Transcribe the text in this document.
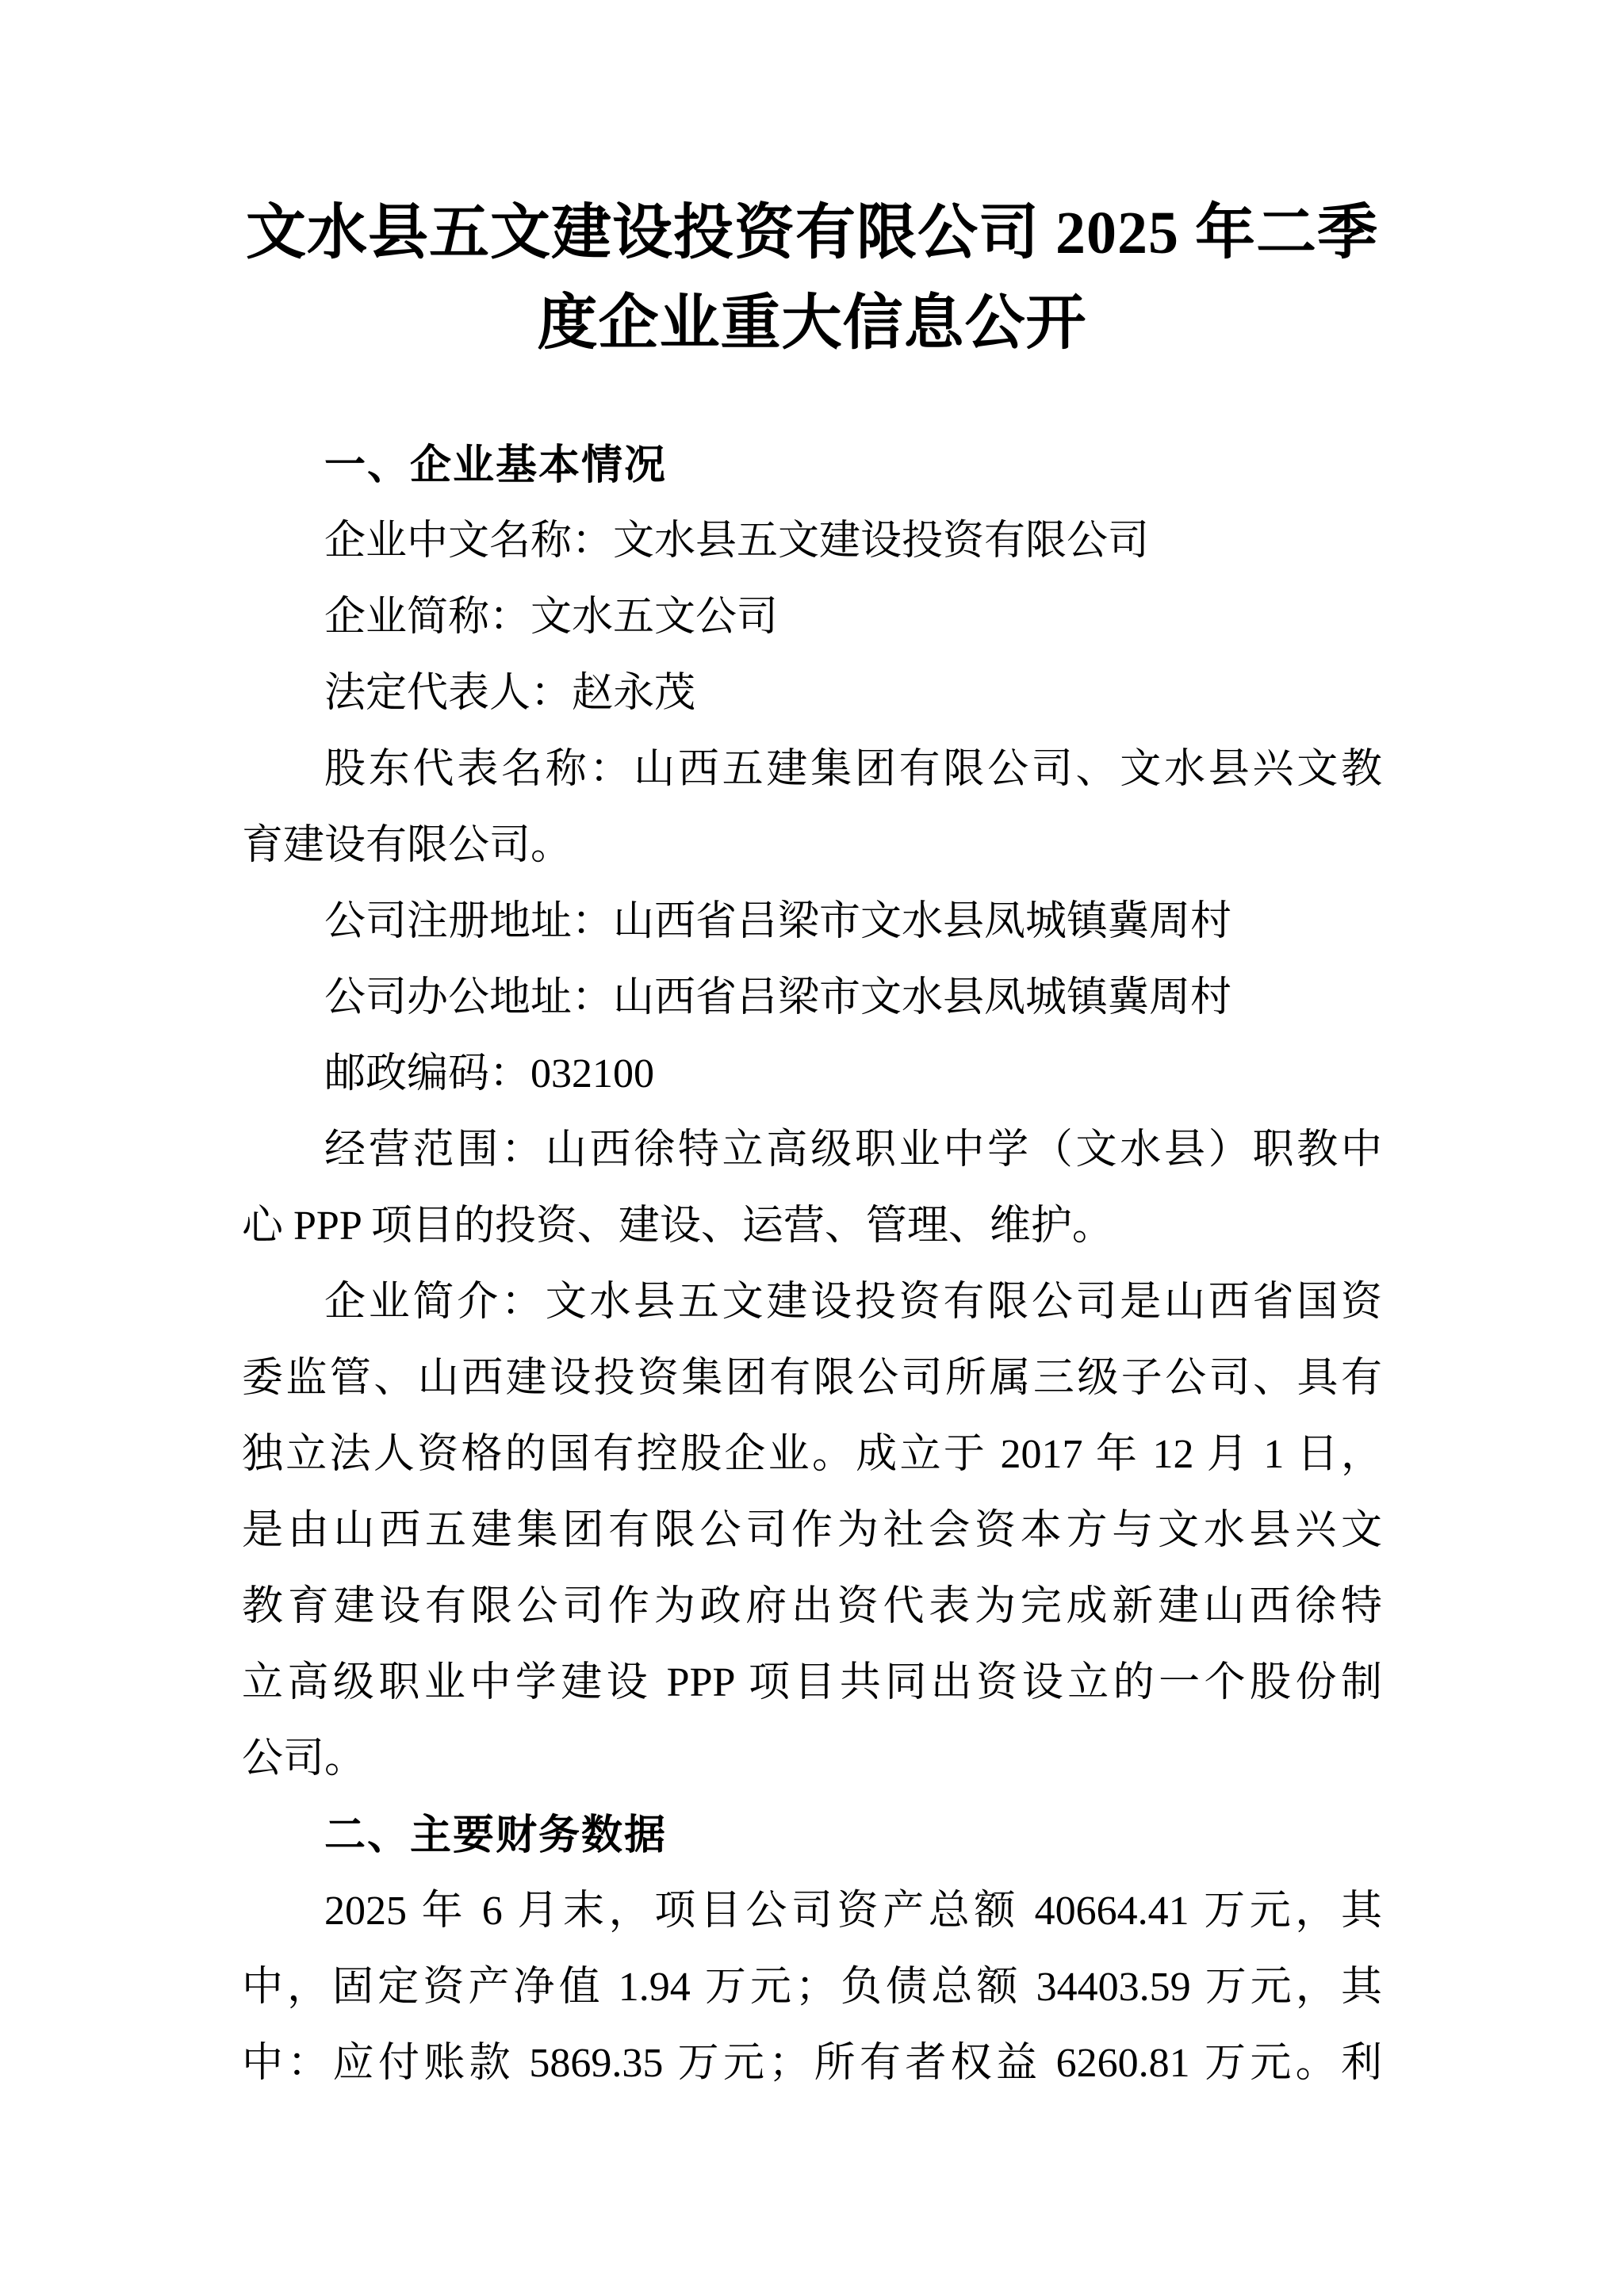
文水县五文建设投资有限公司 2025 年二季
度企业重大信息公开
一、企业基本情况
企业中文名称：文水县五文建设投资有限公司
企业简称：文水五文公司
法定代表人：赵永茂
股东代表名称：山西五建集团有限公司、文水县兴文教
育建设有限公司。
公司注册地址：山西省吕梁市文水县凤城镇冀周村
公司办公地址：山西省吕梁市文水县凤城镇冀周村
邮政编码：032100
经营范围：山西徐特立高级职业中学（文水县）职教中
心 PPP 项目的投资、建设、运营、管理、维护。
企业简介：文水县五文建设投资有限公司是山西省国资
委监管、山西建设投资集团有限公司所属三级子公司、具有
独立法人资格的国有控股企业。成立于 2017 年 12 月 1 日，
是由山西五建集团有限公司作为社会资本方与文水县兴文
教育建设有限公司作为政府出资代表为完成新建山西徐特
立高级职业中学建设 PPP 项目共同出资设立的一个股份制
公司。
二、主要财务数据
2025 年 6 月末，项目公司资产总额 40664.41 万元，其
中，固定资产净值 1.94 万元；负债总额 34403.59 万元，其
中：应付账款 5869.35 万元；所有者权益 6260.81 万元。利
